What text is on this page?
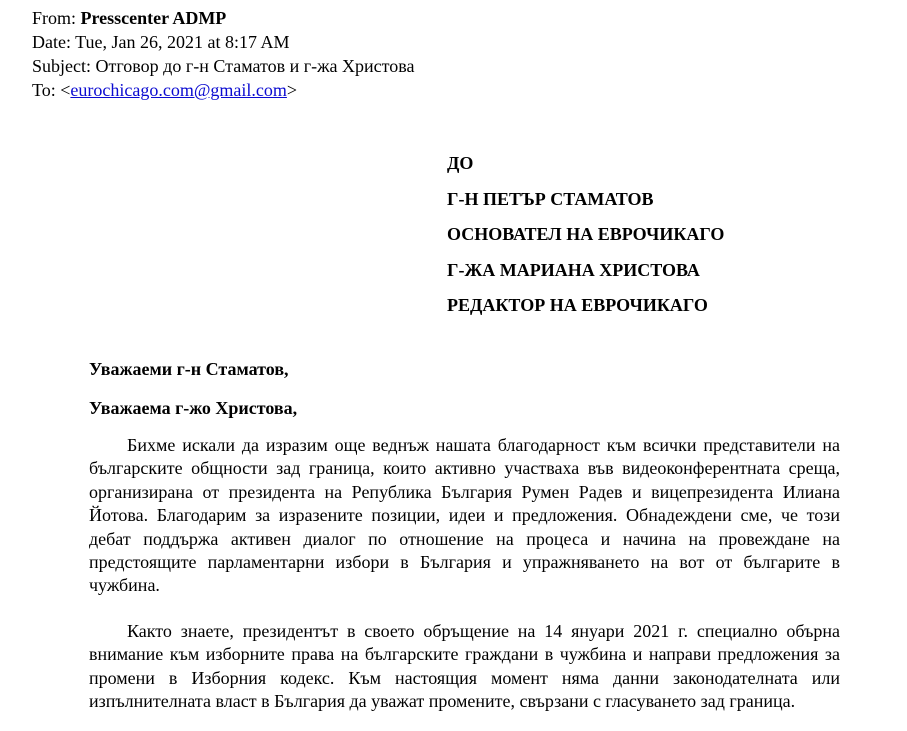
From: Presscenter ADMP
Date: Tue, Jan 26, 2021 at 8:17 AM
Subject: Отговор до г-н Стаматов и г-жа Христова
To: <eurochicago.com@gmail.com>
ДО
Г-Н ПЕТЪР СТАМАТОВ
ОСНОВАТЕЛ НА ЕВРОЧИКАГО
Г-ЖА МАРИАНА ХРИСТОВА
РЕДАКТОР НА ЕВРОЧИКАГО
Уважаеми г-н Стаматов,
Уважаема г-жо Христова,
Бихме искали да изразим още веднъж нашата благодарност към всички представители на българските общности зад граница, които активно участваха във видеоконферентната среща, организирана от президента на Република България Румен Радев и вицепрезидента Илиана Йотова. Благодарим за изразените позиции, идеи и предложения. Обнадеждени сме, че този дебат поддържа активен диалог по отношение на процеса и начина на провеждане на предстоящите парламентарни избори в България и упражняването на вот от българите в чужбина.
Както знаете, президентът в своето обръщение на 14 януари 2021 г. специално обърна внимание към изборните права на българските граждани в чужбина и направи предложения за промени в Изборния кодекс. Към настоящия момент няма данни законодателната или изпълнителната власт в България да уважат промените, свързани с гласуването зад граница.
